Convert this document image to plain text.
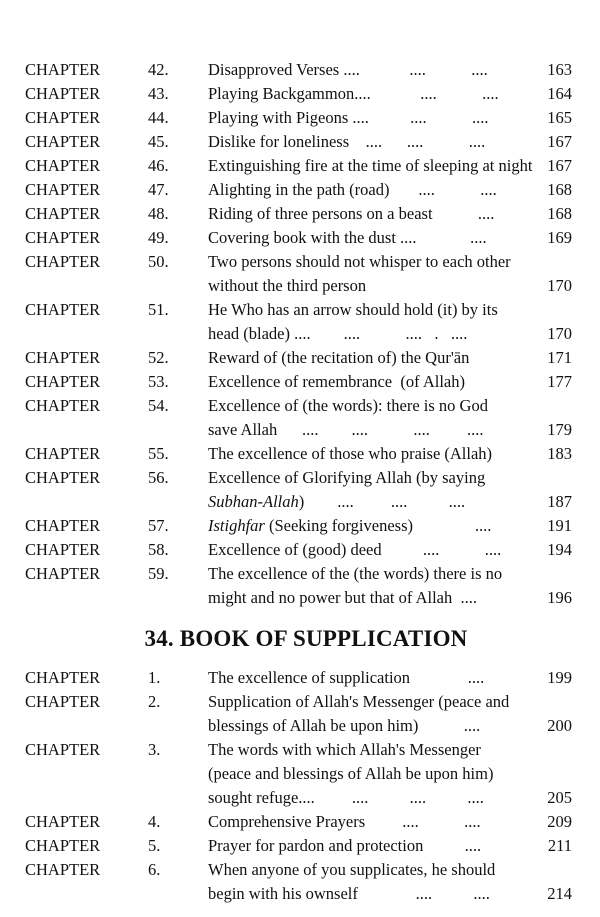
CHAPTER	42.	Disapproved Verses ....            ....           ....	163
CHAPTER	43.	Playing Backgammon....            ....           ....	164
CHAPTER	44.	Playing with Pigeons ....          ....           ....	165
CHAPTER	45.	Dislike for loneliness    ....      ....           ....	167
CHAPTER	46.	Extinguishing fire at the time of sleeping at night 167
CHAPTER	47.	Alighting in the path (road)       ....           ....	168
CHAPTER	48.	Riding of three persons on a beast           ....	168
CHAPTER	49.	Covering book with the dust ....             ....	169
CHAPTER	50.	Two persons should not whisper to each other
without the third person	170
CHAPTER	51.	He Who has an arrow should hold (it) by its
head (blade) ....        ....           ....   .   ....	170
CHAPTER	52.	Reward of (the recitation of) the Qur'ān	171
CHAPTER	53.	Excellence of remembrance  (of Allah)	177
CHAPTER	54.	Excellence of (the words): there is no God
save Allah      ....        ....           ....         ....	179
CHAPTER	55.	The excellence of those who praise (Allah)	183
CHAPTER	56.	Excellence of Glorifying Allah (by saying
Subhan-Allah)        ....         ....          ....	187
CHAPTER	57.	Istighfar (Seeking forgiveness)               ....	191
CHAPTER	58.	Excellence of (good) deed          ....           ....	194
CHAPTER	59.	The excellence of the (the words) there is no
might and no power but that of Allah  ....	196
34. BOOK OF SUPPLICATION
CHAPTER	1.	The excellence of supplication              ....	199
CHAPTER	2.	Supplication of Allah's Messenger (peace and
blessings of Allah be upon him)           ....	200
CHAPTER	3.	The words with which Allah's Messenger
(peace and blessings of Allah be upon him)
sought refuge....         ....          ....          ....	205
CHAPTER	4.	Comprehensive Prayers         ....           ....	209
CHAPTER	5.	Prayer for pardon and protection          ....	211
CHAPTER	6.	When anyone of you supplicates, he should
begin with his ownself              ....          ....	214
